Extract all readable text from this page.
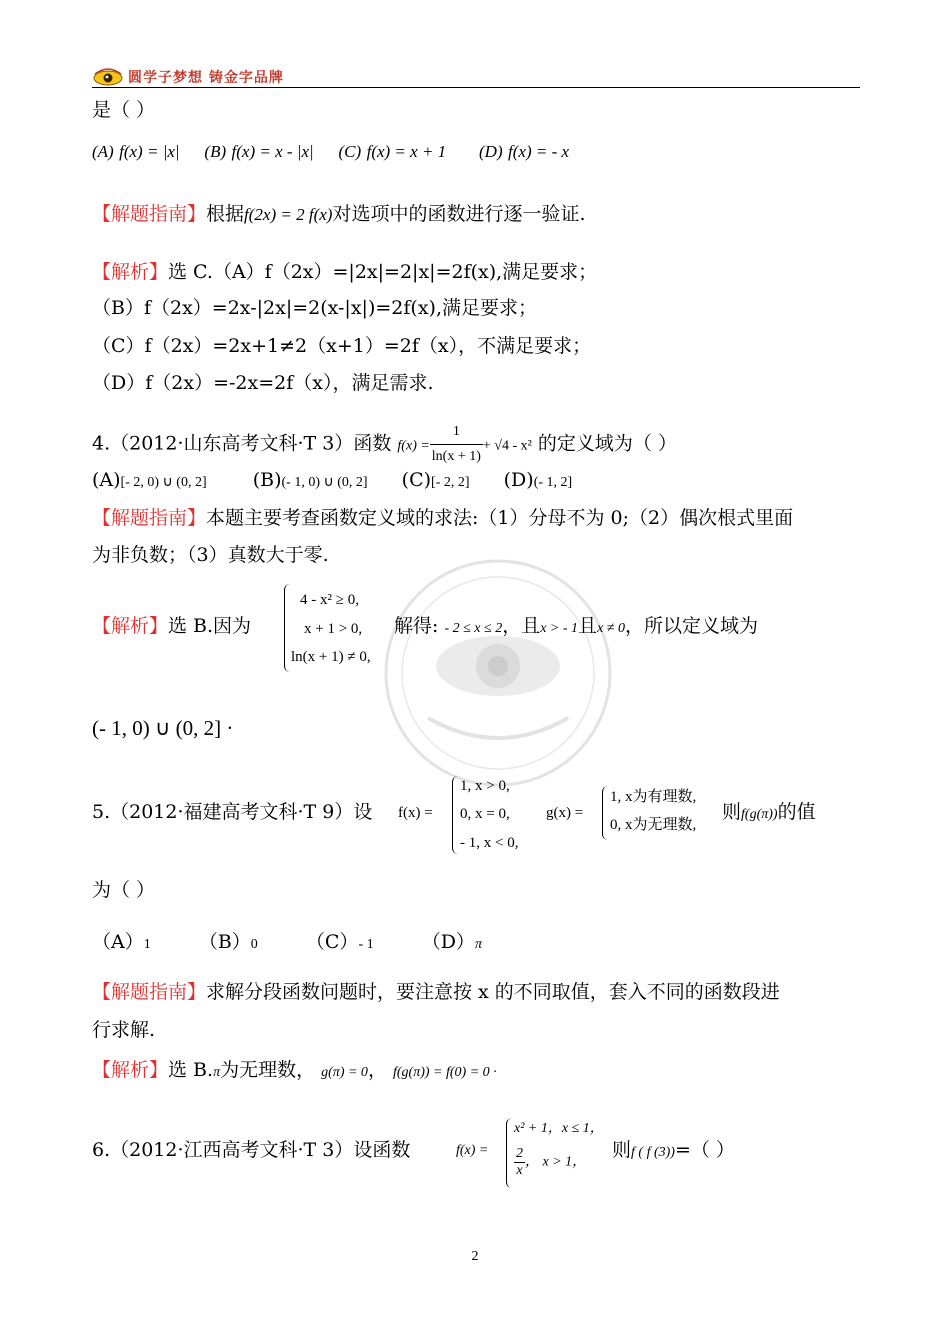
圆学子梦想 铸金字品牌
是（ ）
(A) f(x) = |x| (B) f(x) = x - |x| (C) f(x) = x + 1 (D) f(x) = - x
【解题指南】根据f(2x) = 2 f(x)对选项中的函数进行逐一验证.
【解析】选 C.（A）f（2x）=|2x|=2|x|=2f(x),满足要求；
（B）f（2x）=2x-|2x|=2(x-|x|)=2f(x),满足要求；
（C）f（2x）=2x+1≠2（x+1）=2f（x），不满足要求；
（D）f（2x）=-2x=2f（x），满足需求.
4.（2012·山东高考文科·T 3）函数 $f(x) = \frac{1}{\ln(x + 1)} + √4 - x^2$ 的定义域为（ ）
(A)[- 2, 0) ∪ (0, 2] (B)(- 1, 0) ∪ (0, 2] (C)[- 2, 2] (D)(- 1, 2]
【解题指南】本题主要考查函数定义域的求法:（1）分母不为 0;（2）偶次根式里面
为非负数；（3）真数大于零.
【解析】选 B.因为
4 - x² ≥ 0,
x + 1 > 0,
ln(x + 1) ≠ 0,
解得: - 2 ≤ x ≤ 2，且x > - 1且x ≠ 0，所以定义域为
(- 1, 0) ∪ (0, 2] ·
5.（2012·福建高考文科·T 9）设 f(x) =
1, x > 0,
0, x = 0,
- 1, x < 0,
g(x) =
1, x为有理数,
0, x为无理数,
则f(g(π))的值
为（ ）
（A）1	（B）0	（C）- 1	（D）π
【解题指南】求解分段函数问题时，要注意按 x 的不同取值，套入不同的函数段进
行求解.
【解析】选 B.π为无理数， g(π) = 0， f(g(π)) = f(0) = 0 ·
6.（2012·江西高考文科·T 3）设函数	f(x) =
x² + 1，x ≤ 1，
$\frac{2}{x}$ ， x > 1，
则f ( f (3))=（ ）
2
